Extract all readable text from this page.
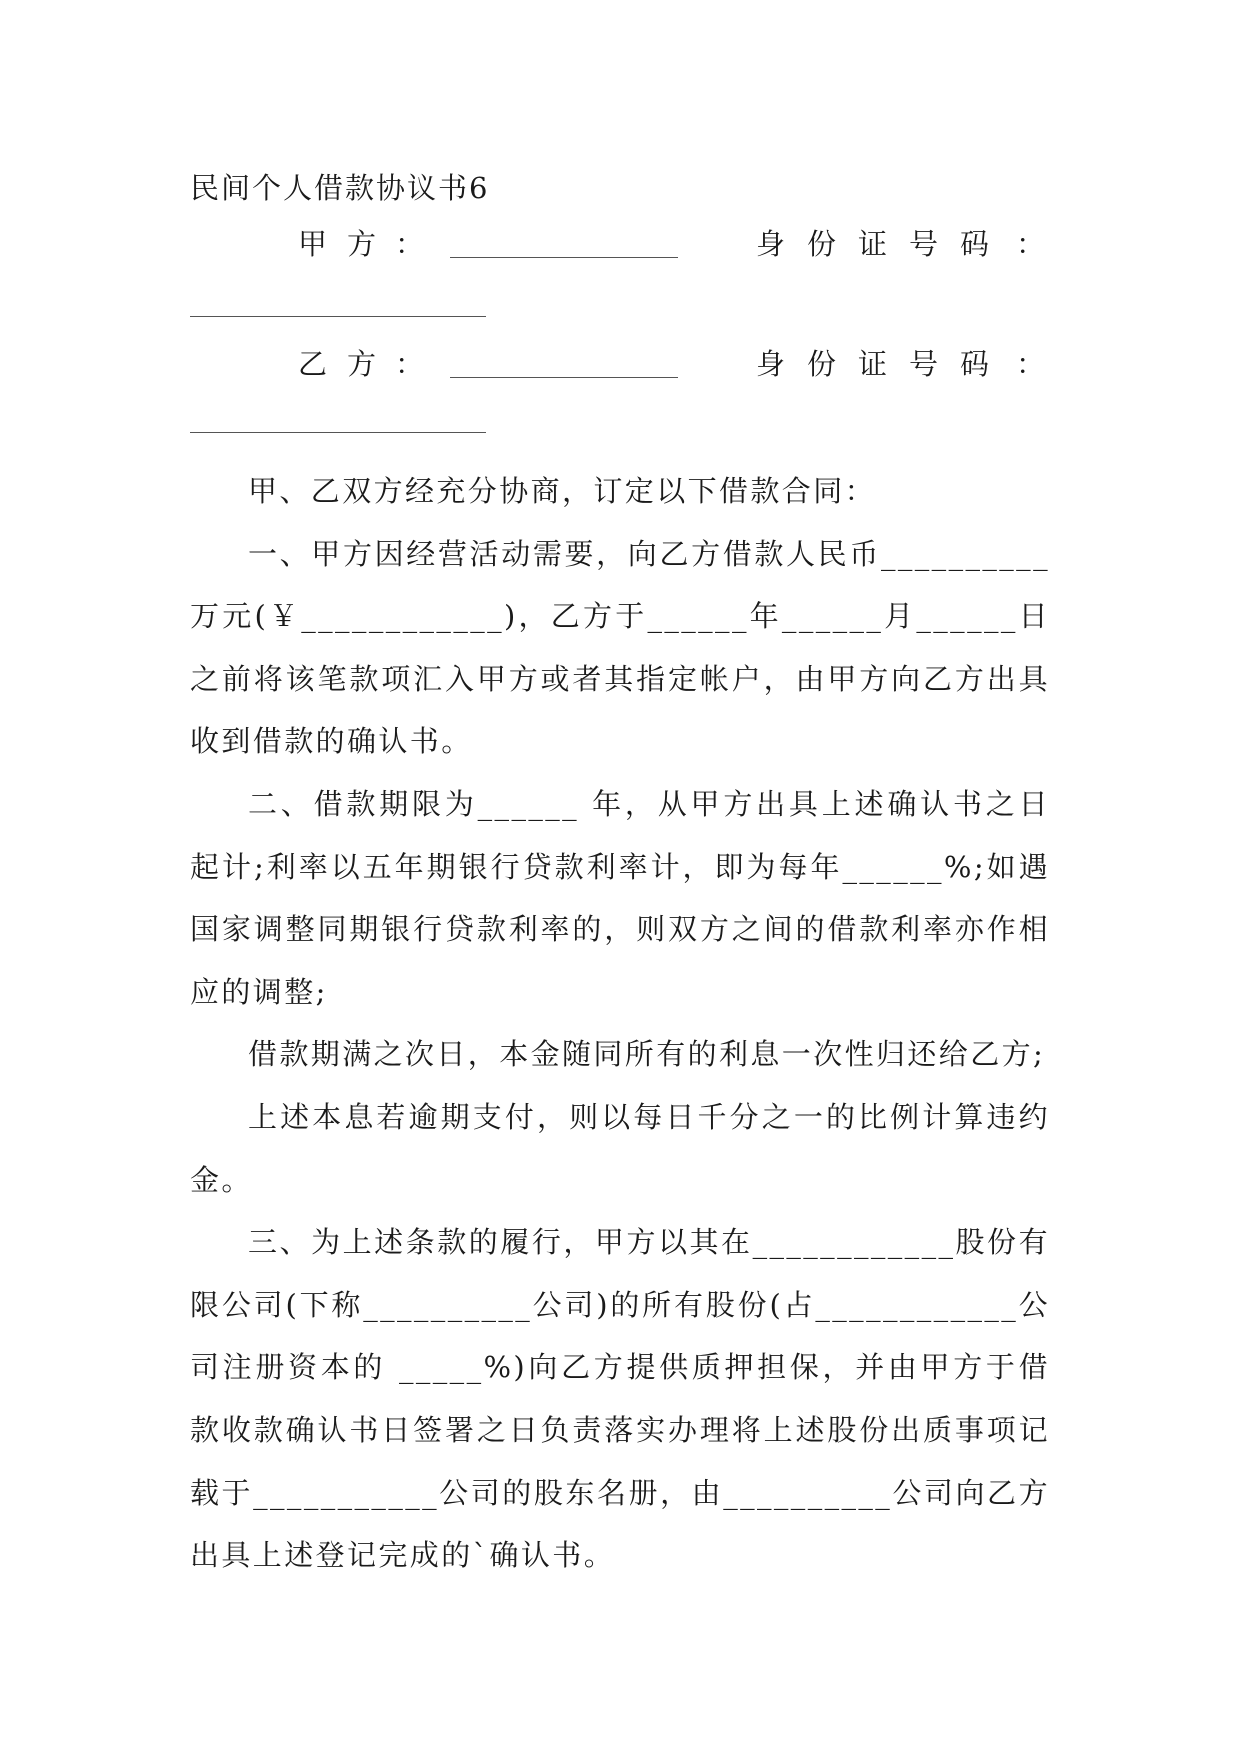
民间个人借款协议书6
甲方
：	身份证号码 ：
乙方
：	身份证号码 ：

甲、乙双方经充分协商，订定以下借款合同：

一、甲方因经营活动需要，向乙方借款人民币__________万元(￥____________)，乙方于______年______月______日之前将该笔款项汇入甲方或者其指定帐户，由甲方向乙方出具收到借款的确认书。

二、借款期限为______ 年，从甲方出具上述确认书之日起计;利率以五年期银行贷款利率计，即为每年______%;如遇国家调整同期银行贷款利率的，则双方之间的借款利率亦作相应的调整;

借款期满之次日，本金随同所有的利息一次性归还给乙方;

上述本息若逾期支付，则以每日千分之一的比例计算违约金。

三、为上述条款的履行，甲方以其在____________股份有限公司(下称__________公司)的所有股份(占____________公司注册资本的 _____%)向乙方提供质押担保，并由甲方于借款收款确认书日签署之日负责落实办理将上述股份出质事项记载于___________公司的股东名册，由__________公司向乙方出具上述登记完成的`确认书。
